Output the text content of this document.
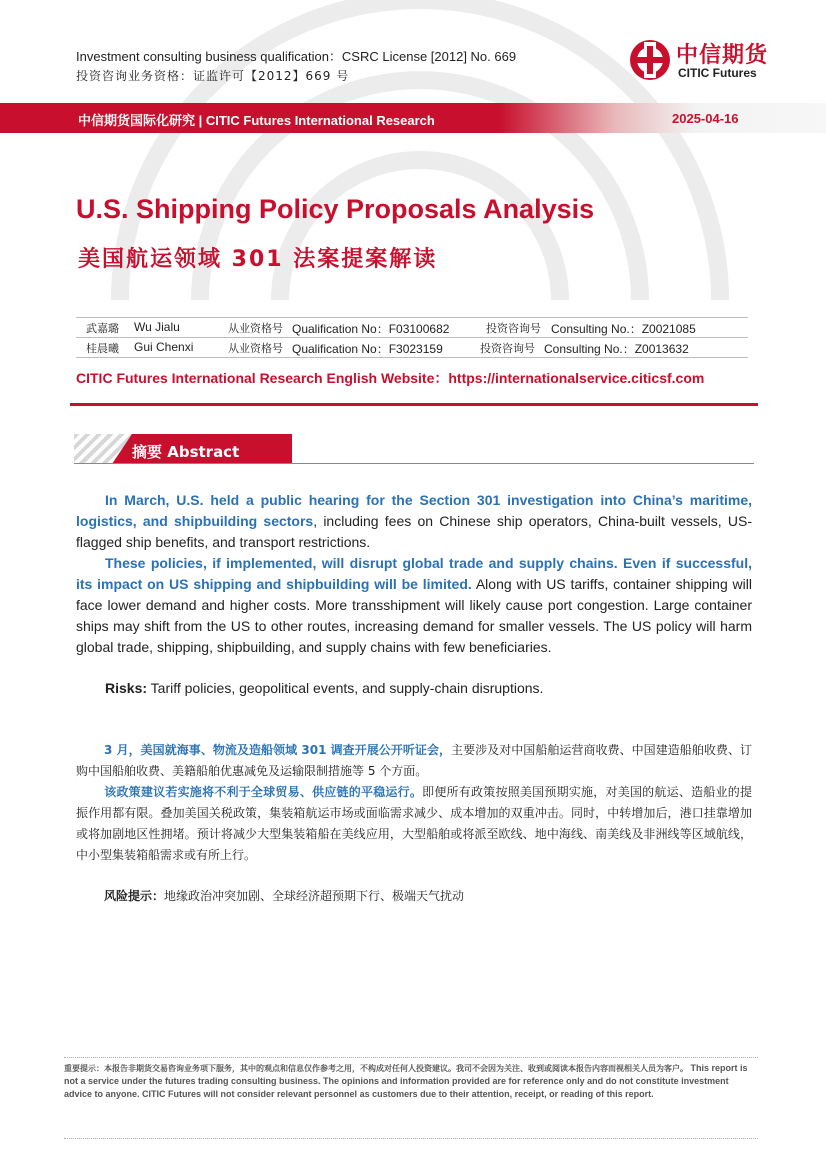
Investment consulting business qualification：CSRC License [2012] No. 669
投资咨询业务资格：证监许可【2012】669 号
中信期货
CITIC Futures
中信期货国际化研究 | CITIC Futures International Research	2025-04-16
U.S. Shipping Policy Proposals Analysis
美国航运领域 301 法案提案解读
武嘉璐 Wu Jialu	从业资格号 Qualification No：F03100682	投资咨询号 Consulting No.：Z0021085
桂晨曦 Gui Chenxi	从业资格号 Qualification No：F3023159	投资咨询号 Consulting No.：Z0013632
CITIC Futures International Research English Website：https://internationalservice.citicsf.com
摘要 Abstract
In March, U.S. held a public hearing for the Section 301 investigation into China’s maritime, logistics, and shipbuilding sectors, including fees on Chinese ship operators, China-built vessels, US-flagged ship benefits, and transport restrictions.
These policies, if implemented, will disrupt global trade and supply chains. Even if successful, its impact on US shipping and shipbuilding will be limited. Along with US tariffs, container shipping will face lower demand and higher costs. More transshipment will likely cause port congestion. Large container ships may shift from the US to other routes, increasing demand for smaller vessels. The US policy will harm global trade, shipping, shipbuilding, and supply chains with few beneficiaries.
Risks: Tariff policies, geopolitical events, and supply-chain disruptions.
3 月，美国就海事、物流及造船领域 301 调查开展公开听证会，主要涉及对中国船舶运营商收费、中国建造船舶收费、订购中国船舶收费、美籍船舶优惠减免及运输限制措施等 5 个方面。
该政策建议若实施将不利于全球贸易、供应链的平稳运行。即便所有政策按照美国预期实施，对美国的航运、造船业的提振作用都有限。叠加美国关税政策，集装箱航运市场或面临需求减少、成本增加的双重冲击。同时，中转增加后，港口挂靠增加或将加剧地区性拥堵。预计将减少大型集装箱船在美线应用，大型船舶或将派至欧线、地中海线、南美线及非洲线等区域航线，中小型集装箱船需求或有所上行。
风险提示：地缘政治冲突加剧、全球经济超预期下行、极端天气扰动
重要提示：本报告非期货交易咨询业务项下服务，其中的观点和信息仅作参考之用，不构成对任何人投资建议。我司不会因为关注、收到或阅读本报告内容而视相关人员为客户。 This report is not a service under the futures trading consulting business. The opinions and information provided are for reference only and do not constitute investment advice to anyone. CITIC Futures will not consider relevant personnel as customers due to their attention, receipt, or reading of this report.
